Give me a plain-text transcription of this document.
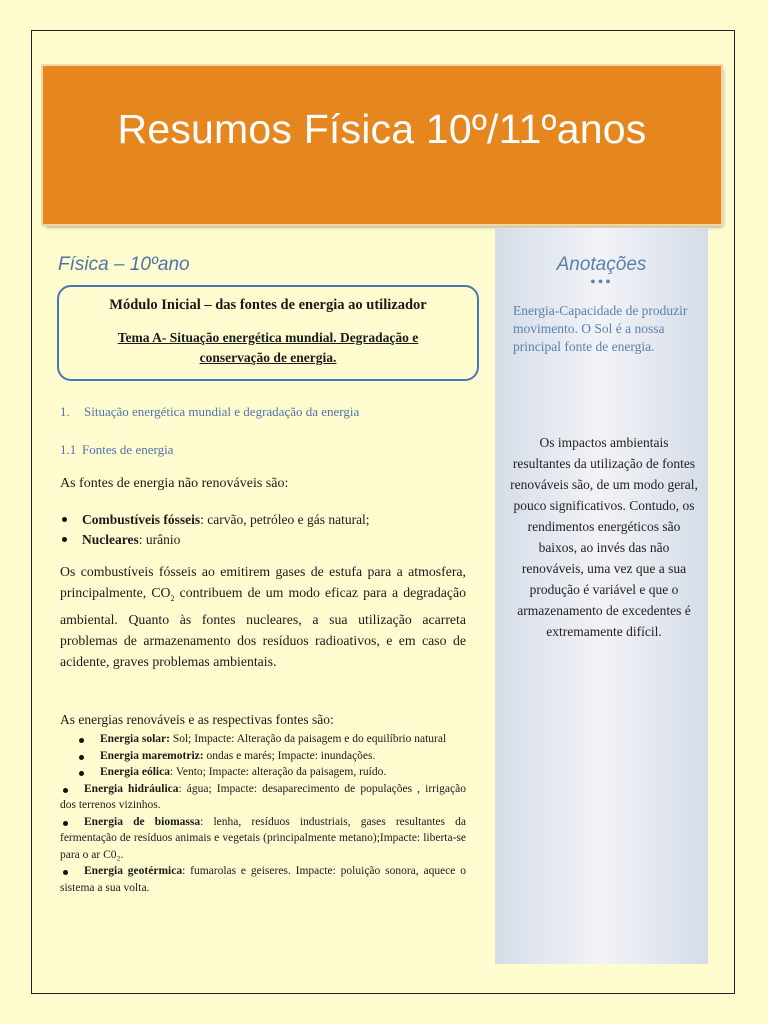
Resumos Física 10º/11ºanos
Física – 10ºano
Módulo Inicial – das fontes de energia ao utilizador
Tema A- Situação energética mundial. Degradação e conservação de energia.
1. Situação energética mundial e degradação da energia
1.1 Fontes de energia
As fontes de energia não renováveis são:
Combustíveis fósseis: carvão, petróleo e gás natural;
Nucleares: urânio

Os combustíveis fósseis ao emitirem gases de estufa para a atmosfera, principalmente, $CO_2$ contribuem de um modo eficaz para a degradação ambiental. Quanto às fontes nucleares, a sua utilização acarreta problemas de armazenamento dos resíduos radioativos, e em caso de acidente, graves problemas ambientais.

As energias renováveis e as respectivas fontes são:
Energia solar: Sol; Impacte: Alteração da paisagem e do equilíbrio natural
Energia maremotriz: ondas e marés; Impacte: inundações.
Energia eólica: Vento; Impacte: alteração da paisagem, ruído.
Energia hidráulica: água; Impacte: desaparecimento de populações , irrigação dos terrenos vizinhos.
Energia de biomassa: lenha, resíduos industriais, gases resultantes da fermentação de resíduos animais e vegetais (principalmente metano);Impacte: liberta-se para o ar C0₂.
Energia geotérmica: fumarolas e geiseres. Impacte: poluição sonora, aquece o sistema a sua volta.
Anotações
•••
Energia-Capacidade de produzir movimento. O Sol é a nossa principal fonte de energia.
Os impactos ambientais resultantes da utilização de fontes renováveis são, de um modo geral, pouco significativos. Contudo, os rendimentos energéticos são baixos, ao invés das não renováveis, uma vez que a sua produção é variável e que o armazenamento de excedentes é extremamente difícil.
